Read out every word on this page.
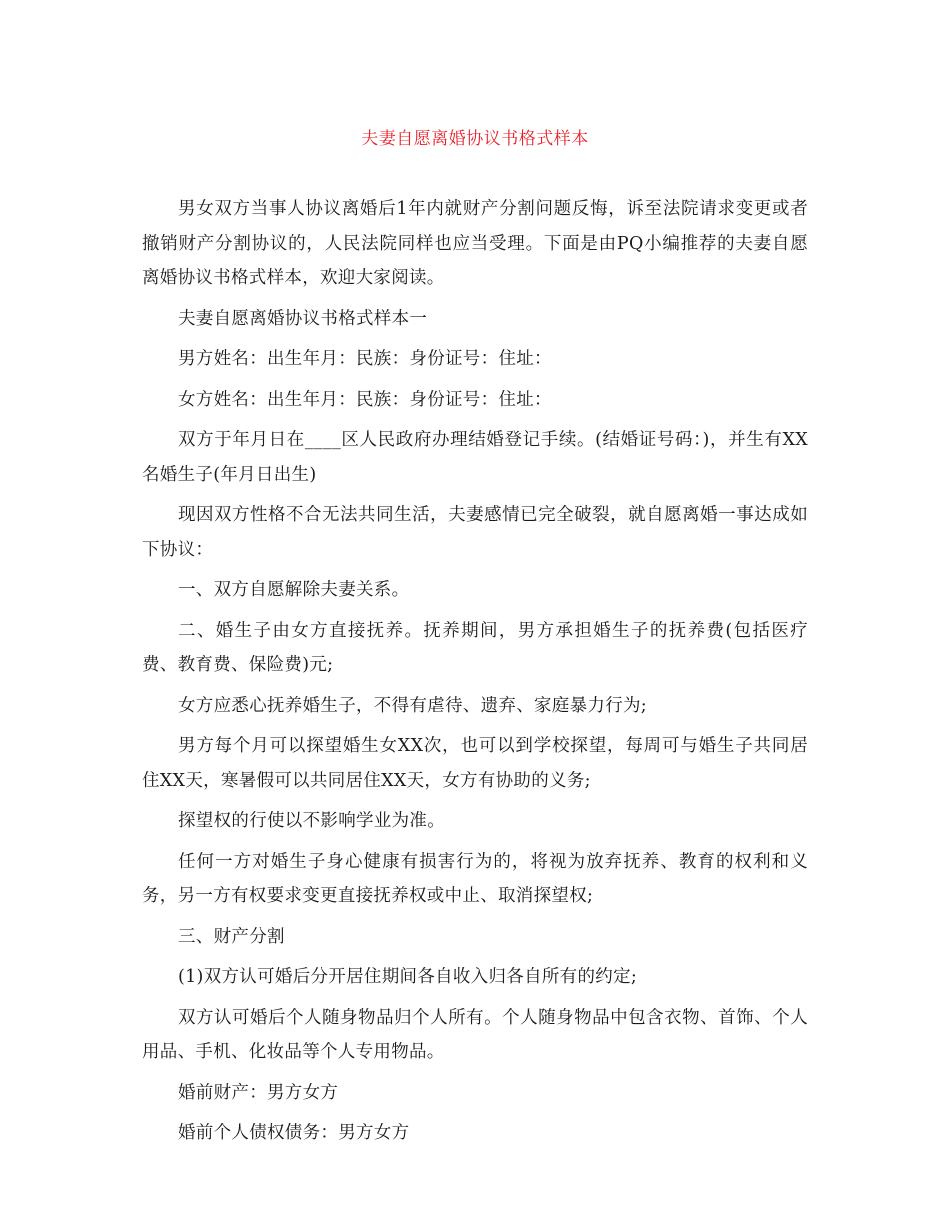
夫妻自愿离婚协议书格式样本

男女双方当事人协议离婚后1年内就财产分割问题反悔，诉至法院请求变更或者撤销财产分割协议的，人民法院同样也应当受理。下面是由PQ小编推荐的夫妻自愿离婚协议书格式样本，欢迎大家阅读。

夫妻自愿离婚协议书格式样本一

男方姓名：出生年月：民族：身份证号：住址：

女方姓名：出生年月：民族：身份证号：住址：

双方于年月日在____区人民政府办理结婚登记手续。(结婚证号码：)，并生有XX名婚生子(年月日出生)

现因双方性格不合无法共同生活，夫妻感情已完全破裂，就自愿离婚一事达成如下协议：

一、双方自愿解除夫妻关系。

二、婚生子由女方直接抚养。抚养期间，男方承担婚生子的抚养费(包括医疗费、教育费、保险费)元;

女方应悉心抚养婚生子，不得有虐待、遗弃、家庭暴力行为;

男方每个月可以探望婚生女XX次，也可以到学校探望，每周可与婚生子共同居住XX天，寒暑假可以共同居住XX天，女方有协助的义务;

探望权的行使以不影响学业为准。

任何一方对婚生子身心健康有损害行为的，将视为放弃抚养、教育的权利和义务，另一方有权要求变更直接抚养权或中止、取消探望权;

三、财产分割

(1)双方认可婚后分开居住期间各自收入归各自所有的约定;

双方认可婚后个人随身物品归个人所有。个人随身物品中包含衣物、首饰、个人用品、手机、化妆品等个人专用物品。

婚前财产：男方女方

婚前个人债权债务：男方女方
